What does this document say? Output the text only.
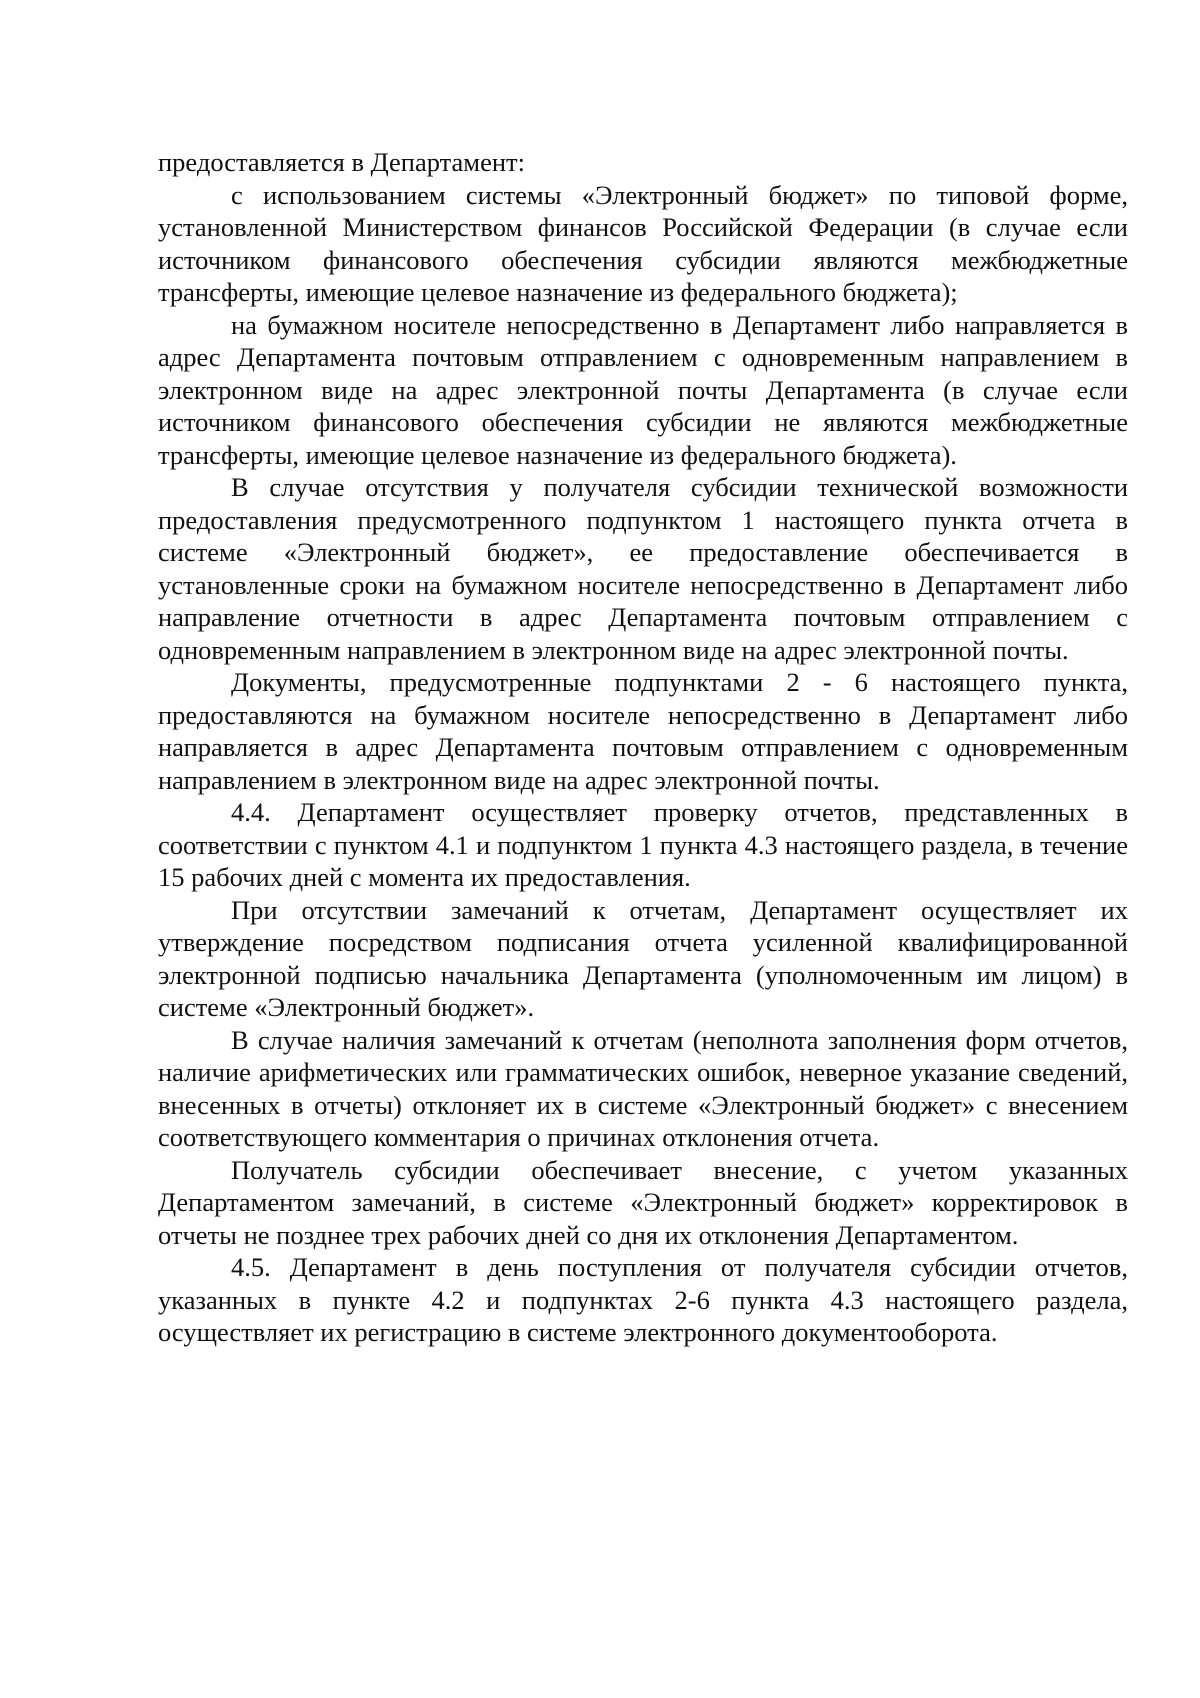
предоставляется в Департамент:

с использованием системы «Электронный бюджет» по типовой форме, установленной Министерством финансов Российской Федерации (в случае если источником финансового обеспечения субсидии являются межбюджетные трансферты, имеющие целевое назначение из федерального бюджета);

на бумажном носителе непосредственно в Департамент либо направляется в адрес Департамента почтовым отправлением с одновременным направлением в электронном виде на адрес электронной почты Департамента (в случае если источником финансового обеспечения субсидии не являются межбюджетные трансферты, имеющие целевое назначение из федерального бюджета).

В случае отсутствия у получателя субсидии технической возможности предоставления предусмотренного подпунктом 1 настоящего пункта отчета в системе «Электронный бюджет», ее предоставление обеспечивается в установленные сроки на бумажном носителе непосредственно в Департамент либо направление отчетности в адрес Департамента почтовым отправлением с одновременным направлением в электронном виде на адрес электронной почты.

Документы, предусмотренные подпунктами 2 - 6 настоящего пункта, предоставляются на бумажном носителе непосредственно в Департамент либо направляется в адрес Департамента почтовым отправлением с одновременным направлением в электронном виде на адрес электронной почты.

4.4. Департамент осуществляет проверку отчетов, представленных в соответствии с пунктом 4.1 и подпунктом 1 пункта 4.3 настоящего раздела, в течение 15 рабочих дней с момента их предоставления.

При отсутствии замечаний к отчетам, Департамент осуществляет их утверждение посредством подписания отчета усиленной квалифицированной электронной подписью начальника Департамента (уполномоченным им лицом) в системе «Электронный бюджет».

В случае наличия замечаний к отчетам (неполнота заполнения форм отчетов, наличие арифметических или грамматических ошибок, неверное указание сведений, внесенных в отчеты) отклоняет их в системе «Электронный бюджет» с внесением соответствующего комментария о причинах отклонения отчета.

Получатель субсидии обеспечивает внесение, с учетом указанных Департаментом замечаний, в системе «Электронный бюджет» корректировок в отчеты не позднее трех рабочих дней со дня их отклонения Департаментом.

4.5. Департамент в день поступления от получателя субсидии отчетов, указанных в пункте 4.2 и подпунктах 2-6 пункта 4.3 настоящего раздела, осуществляет их регистрацию в системе электронного документооборота.
